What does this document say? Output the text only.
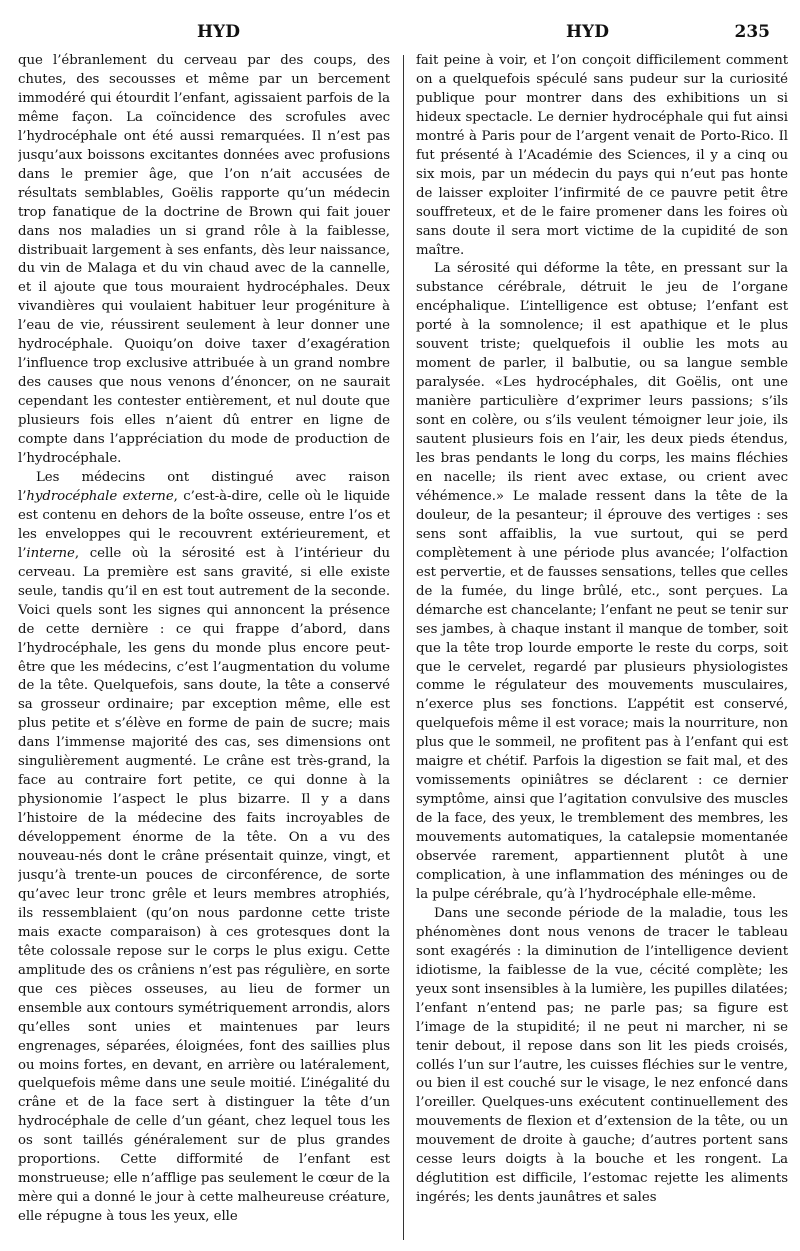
HYD	HYD	235

que l’ébranlement du cerveau par des coups, des chutes, des secousses et même par un bercement immodéré qui étourdit l’enfant, agissaient parfois de la même façon. La coïncidence des scrofules avec l’hydrocéphale ont été aussi remarquées. Il n’est pas jusqu’aux boissons excitantes données avec profusions dans le premier âge, que l’on n’ait accusées de résultats semblables, Goëlis rapporte qu’un médecin trop fanatique de la doctrine de Brown qui fait jouer dans nos maladies un si grand rôle à la faiblesse, distribuait largement à ses enfants, dès leur naissance, du vin de Malaga et du vin chaud avec de la cannelle, et il ajoute que tous mouraient hydrocéphales. Deux vivandières qui voulaient habituer leur progéniture à l’eau de vie, réussirent seulement à leur donner une hydrocéphale. Quoiqu’on doive taxer d’exagération l’influence trop exclusive attribuée à un grand nombre des causes que nous venons d’énoncer, on ne saurait cependant les contester entièrement, et nul doute que plusieurs fois elles n’aient dû entrer en ligne de compte dans l’appréciation du mode de production de l’hydrocéphale.

Les médecins ont distingué avec raison l’hydrocéphale externe, c’est-à-dire, celle où le liquide est contenu en dehors de la boîte osseuse, entre l’os et les enveloppes qui le recouvrent extérieurement, et l’interne, celle où la sérosité est à l’intérieur du cerveau. La première est sans gravité, si elle existe seule, tandis qu’il en est tout autrement de la seconde. Voici quels sont les signes qui annoncent la présence de cette dernière : ce qui frappe d’abord, dans l’hydrocéphale, les gens du monde plus encore peut-être que les médecins, c’est l’augmentation du volume de la tête. Quelquefois, sans doute, la tête a conservé sa grosseur ordinaire; par exception même, elle est plus petite et s’élève en forme de pain de sucre; mais dans l’immense majorité des cas, ses dimensions ont singulièrement augmenté. Le crâne est très-grand, la face au contraire fort petite, ce qui donne à la physionomie l’aspect le plus bizarre. Il y a dans l’histoire de la médecine des faits incroyables de développement énorme de la tête. On a vu des nouveau-nés dont le crâne présentait quinze, vingt, et jusqu’à trente-un pouces de circonférence, de sorte qu’avec leur tronc grêle et leurs membres atrophiés, ils ressemblaient (qu’on nous pardonne cette triste mais exacte comparaison) à ces grotesques dont la tête colossale repose sur le corps le plus exigu. Cette amplitude des os crâniens n’est pas régulière, en sorte que ces pièces osseuses, au lieu de former un ensemble aux contours symétriquement arrondis, alors qu’elles sont unies et maintenues par leurs engrenages, séparées, éloignées, font des saillies plus ou moins fortes, en devant, en arrière ou latéralement, quelquefois même dans une seule moitié. L’inégalité du crâne et de la face sert à distinguer la tête d’un hydrocéphale de celle d’un géant, chez lequel tous les os sont taillés généralement sur de plus grandes proportions. Cette difformité de l’enfant est monstrueuse; elle n’afflige pas seulement le cœur de la mère qui a donné le jour à cette malheureuse créature, elle répugne à tous les yeux, elle

fait peine à voir, et l’on conçoit difficilement comment on a quelquefois spéculé sans pudeur sur la curiosité publique pour montrer dans des exhibitions un si hideux spectacle. Le dernier hydrocéphale qui fut ainsi montré à Paris pour de l’argent venait de Porto-Rico. Il fut présenté à l’Académie des Sciences, il y a cinq ou six mois, par un médecin du pays qui n’eut pas honte de laisser exploiter l’infirmité de ce pauvre petit être souffreteux, et de le faire promener dans les foires où sans doute il sera mort victime de la cupidité de son maître.

La sérosité qui déforme la tête, en pressant sur la substance cérébrale, détruit le jeu de l’organe encéphalique. L’intelligence est obtuse; l’enfant est porté à la somnolence; il est apathique et le plus souvent triste; quelquefois il oublie les mots au moment de parler, il balbutie, ou sa langue semble paralysée. «Les hydrocéphales, dit Goëlis, ont une manière particulière d’exprimer leurs passions; s’ils sont en colère, ou s’ils veulent témoigner leur joie, ils sautent plusieurs fois en l’air, les deux pieds étendus, les bras pendants le long du corps, les mains fléchies en nacelle; ils rient avec extase, ou crient avec véhémence.» Le malade ressent dans la tête de la douleur, de la pesanteur; il éprouve des vertiges : ses sens sont affaiblis, la vue surtout, qui se perd complètement à une période plus avancée; l’olfaction est pervertie, et de fausses sensations, telles que celles de la fumée, du linge brûlé, etc., sont perçues. La démarche est chancelante; l’enfant ne peut se tenir sur ses jambes, à chaque instant il manque de tomber, soit que la tête trop lourde emporte le reste du corps, soit que le cervelet, regardé par plusieurs physiologistes comme le régulateur des mouvements musculaires, n’exerce plus ses fonctions. L’appétit est conservé, quelquefois même il est vorace; mais la nourriture, non plus que le sommeil, ne profitent pas à l’enfant qui est maigre et chétif. Parfois la digestion se fait mal, et des vomissements opiniâtres se déclarent : ce dernier symptôme, ainsi que l’agitation convulsive des muscles de la face, des yeux, le tremblement des membres, les mouvements automatiques, la catalepsie momentanée observée rarement, appartiennent plutôt à une complication, à une inflammation des méninges ou de la pulpe cérébrale, qu’à l’hydrocéphale elle-même.

Dans une seconde période de la maladie, tous les phénomènes dont nous venons de tracer le tableau sont exagérés : la diminution de l’intelligence devient idiotisme, la faiblesse de la vue, cécité complète; les yeux sont insensibles à la lumière, les pupilles dilatées; l’enfant n’entend pas; ne parle pas; sa figure est l’image de la stupidité; il ne peut ni marcher, ni se tenir debout, il repose dans son lit les pieds croisés, collés l’un sur l’autre, les cuisses fléchies sur le ventre, ou bien il est couché sur le visage, le nez enfoncé dans l’oreiller. Quelques-uns exécutent continuellement des mouvements de flexion et d’extension de la tête, ou un mouvement de droite à gauche; d’autres portent sans cesse leurs doigts à la bouche et les rongent. La déglutition est difficile, l’estomac rejette les aliments ingérés; les dents jaunâtres et sales
